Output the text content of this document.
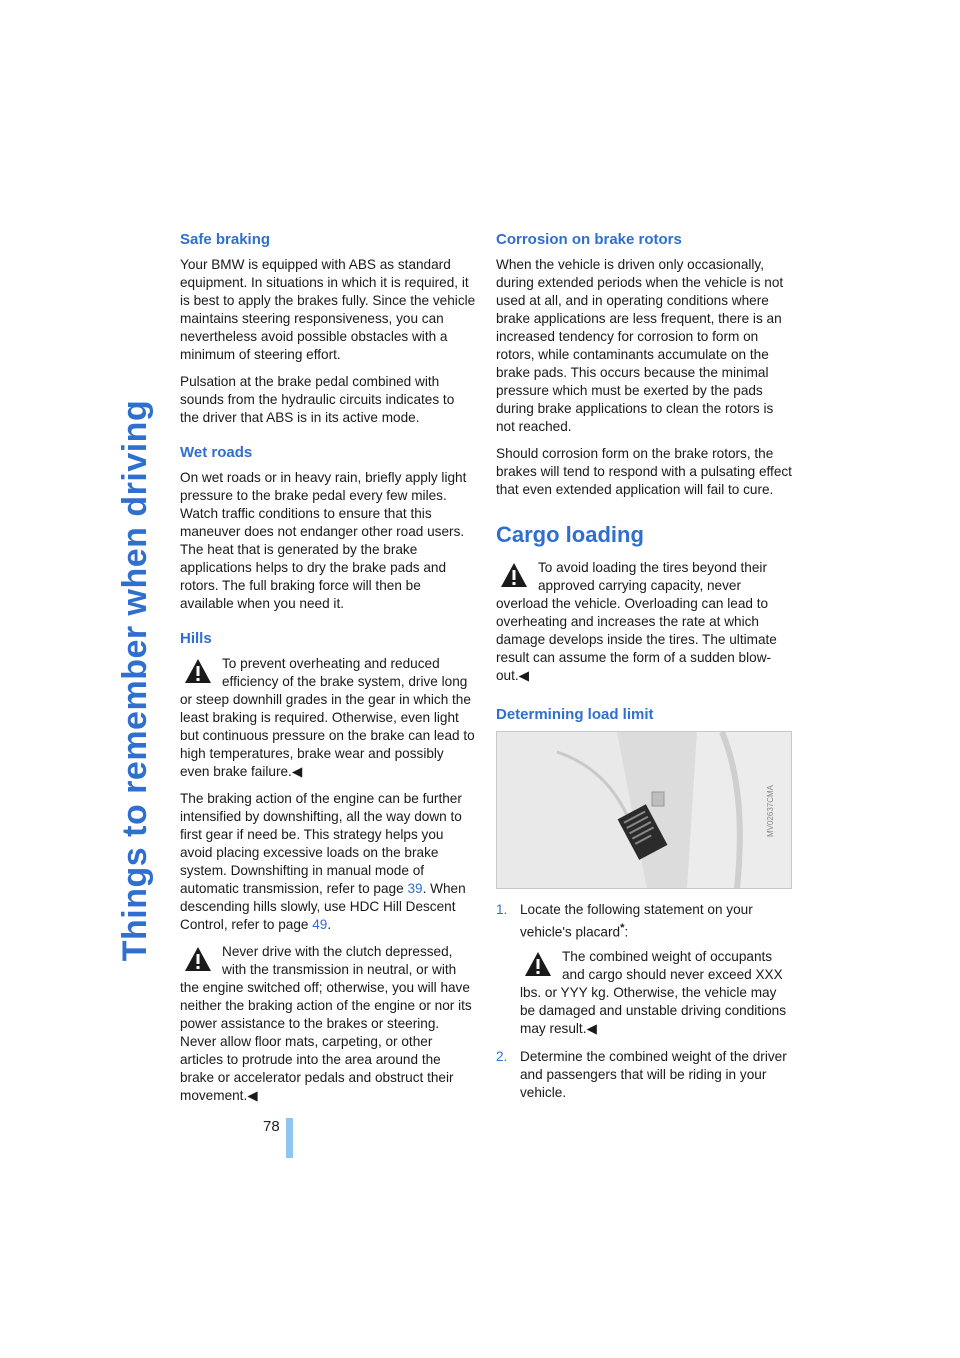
Things to remember when driving
78
Safe braking

Your BMW is equipped with ABS as standard equipment. In situations in which it is required, it is best to apply the brakes fully. Since the vehicle maintains steering responsiveness, you can nevertheless avoid possible obstacles with a minimum of steering effort.

Pulsation at the brake pedal combined with sounds from the hydraulic circuits indicates to the driver that ABS is in its active mode.

Wet roads

On wet roads or in heavy rain, briefly apply light pressure to the brake pedal every few miles. Watch traffic conditions to ensure that this maneuver does not endanger other road users. The heat that is generated by the brake applications helps to dry the brake pads and rotors. The full braking force will then be available when you need it.

Hills

To prevent overheating and reduced efficiency of the brake system, drive long or steep downhill grades in the gear in which the least braking is required. Otherwise, even light but continuous pressure on the brake can lead to high temperatures, brake wear and possibly even brake failure.◀

The braking action of the engine can be further intensified by downshifting, all the way down to first gear if need be. This strategy helps you avoid placing excessive loads on the brake system. Downshifting in manual mode of automatic transmission, refer to page 39. When descending hills slowly, use HDC Hill Descent Control, refer to page 49.

Never drive with the clutch depressed, with the transmission in neutral, or with the engine switched off; otherwise, you will have neither the braking action of the engine or nor its power assistance to the brakes or steering.

Never allow floor mats, carpeting, or other articles to protrude into the area around the brake or accelerator pedals and obstruct their movement.◀

Corrosion on brake rotors

When the vehicle is driven only occasionally, during extended periods when the vehicle is not used at all, and in operating conditions where brake applications are less frequent, there is an increased tendency for corrosion to form on rotors, while contaminants accumulate on the brake pads. This occurs because the minimal pressure which must be exerted by the pads during brake applications to clean the rotors is not reached.

Should corrosion form on the brake rotors, the brakes will tend to respond with a pulsating effect that even extended application will fail to cure.

Cargo loading

To avoid loading the tires beyond their approved carrying capacity, never overload the vehicle. Overloading can lead to overheating and increases the rate at which damage develops inside the tires. The ultimate result can assume the form of a sudden blow-out.◀

Determining load limit
MV02637CMA
1. Locate the following statement on your vehicle's placard*:

The combined weight of occupants and cargo should never exceed XXX lbs. or YYY kg. Otherwise, the vehicle may be damaged and unstable driving conditions may result.◀

2. Determine the combined weight of the driver and passengers that will be riding in your vehicle.
